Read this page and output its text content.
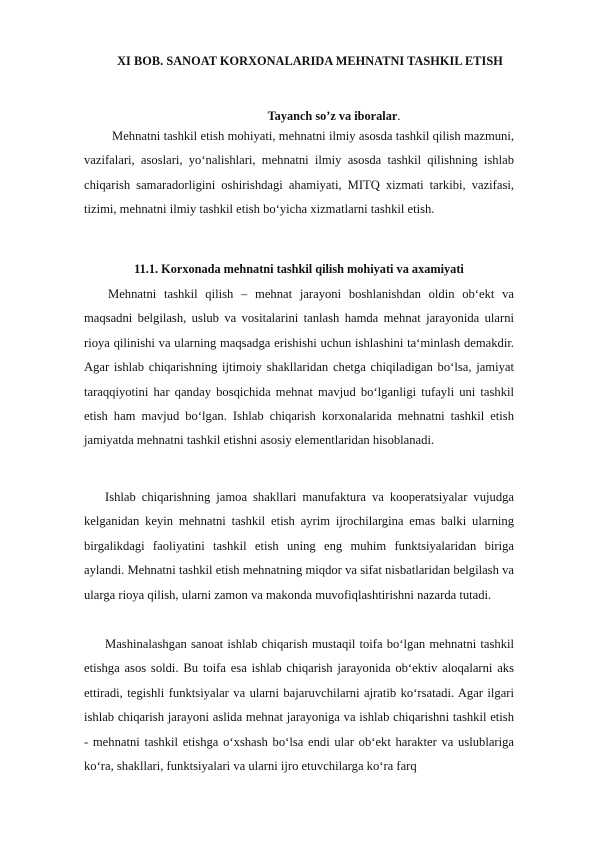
XI BOB. SANOAT KORXONALARIDA MEHNATNI TASHKIL ETISH
Tayanch so’z va iboralar.

Mehnatni tashkil etish mohiyati, mehnatni ilmiy asosda tashkil qilish mazmuni, vazifalari, asoslari, yo‘nalishlari, mehnatni ilmiy asosda tashkil qilishning ishlab chiqarish samaradorligini oshirishdagi ahamiyati, MITQ xizmati tarkibi, vazifasi, tizimi, mehnatni ilmiy tashkil etish bo‘yicha xizmatlarni tashkil etish.

11.1. Korxonada mehnatni tashkil qilish mohiyati va axamiyati

Mehnatni tashkil qilish – mehnat jarayoni boshlanishdan oldin ob‘ekt va maqsadni belgilash, uslub va vositalarini tanlash hamda mehnat jarayonida ularni rioya qilinishi va ularning maqsadga erishishi uchun ishlashini ta‘minlash demakdir. Agar ishlab chiqarishning ijtimoiy shakllaridan chetga chiqiladigan bo‘lsa, jamiyat taraqqiyotini har qanday bosqichida mehnat mavjud bo‘lganligi tufayli uni tashkil etish ham mavjud bo‘lgan. Ishlab chiqarish korxonalarida mehnatni tashkil etish jamiyatda mehnatni tashkil etishni asosiy elementlaridan hisoblanadi.

Ishlab chiqarishning jamoa shakllari manufaktura va kooperatsiyalar vujudga kelganidan keyin mehnatni tashkil etish ayrim ijrochilargina emas balki ularning birgalikdagi faoliyatini tashkil etish uning eng muhim funktsiyalaridan biriga aylandi. Mehnatni tashkil etish mehnatning miqdor va sifat nisbatlaridan belgilash va ularga rioya qilish, ularni zamon va makonda muvofiqlashtirishni nazarda tutadi.

Mashinalashgan sanoat ishlab chiqarish mustaqil toifa bo‘lgan mehnatni tashkil etishga asos soldi. Bu toifa esa ishlab chiqarish jarayonida ob‘ektiv aloqalarni aks ettiradi, tegishli funktsiyalar va ularni bajaruvchilarni ajratib ko‘rsatadi. Agar ilgari ishlab chiqarish jarayoni aslida mehnat jarayoniga va ishlab chiqarishni tashkil etish - mehnatni tashkil etishga o‘xshash bo‘lsa endi ular ob‘ekt harakter va uslublariga ko‘ra, shakllari, funktsiyalari va ularni ijro etuvchilarga ko‘ra farq
